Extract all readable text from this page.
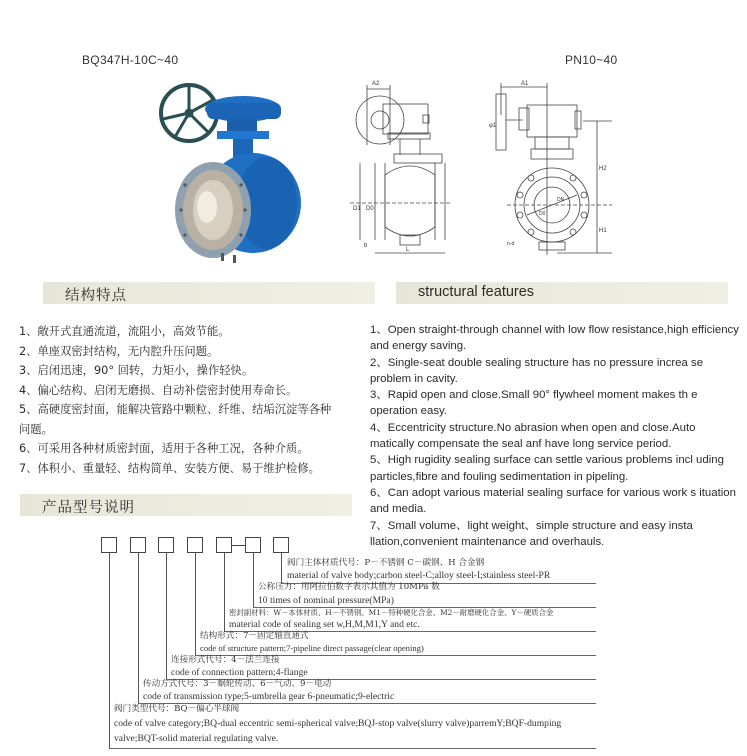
BQ347H-10C~40	PN10~40
A2
D1 D0
L
b
A1
φ1
D0
DN
n-d
H2
H1
结构特点	structural features
1、敞开式直通流道，流阻小，高效节能。
2、单座双密封结构，无内腔升压问题。
3、启闭迅速，90° 回转，力矩小，操作轻快。
4、偏心结构、启闭无磨损、自动补偿密封使用寿命长。
5、高硬度密封面，能解决管路中颗粒、纤维、结垢沉淀等各种
问题。
6、可采用各种材质密封面，适用于各种工况，各种介质。
7、体积小、重量轻、结构简单、安装方便、易于维护检修。

1、Open straight-through channel with low flow resistance,high efficiency and energy saving.

2、Single-seat double sealing structure has no pressure increa se problem in cavity.

3、Rapid open and close.Small 90° flywheel moment makes th e operation easy.

4、Eccentricity structure.No abrasion when open and close.Auto matically compensate the seal anf have long service period.

5、High rugidity sealing surface can settle various problems incl uding particles,fibre and fouling sedimentation in pipeling.

6、Can adopt various material sealing surface for various work s ituation and media.

7、Small volume、light weight、simple structure and easy insta llation,convenient maintenance and overhauls.

产品型号说明
阀门主体材质代号：P－不锈钢 C－碳钢、H 合金钢
material of valve body;carbon steel-C;alloy steel-I;stainless steel-PR
公称压力：用阿拉伯数字表示其值为 10MPa 数
10 times of nominal pressure(MPa)
密封副材料：W－本体材质、H－不锈钢、M1－特种硬化合金、M2－耐磨硬化合金、Y－硬质合金
material code of sealing set w,H,M,M1,Y and etc.
结构形式：7－固定轴直通式
code of structure pattern;7-pipeline direct passage(clear opening)
连接形式代号：4－法兰连接
code of connection pattern;4-flange
传动方式代号：3－蜗轮传动、6－气动、9－电动
code of transmission type;5-umbrella gear 6-pneumatic;9-electric
阀门类型代号：BQ－偏心半球阀
code of valve category;BQ-dual eccentric semi-spherical valve;BQJ-stop valve(slurry valve)parremY;BQF-dumping
valve;BQT-solid material regulating valve.
